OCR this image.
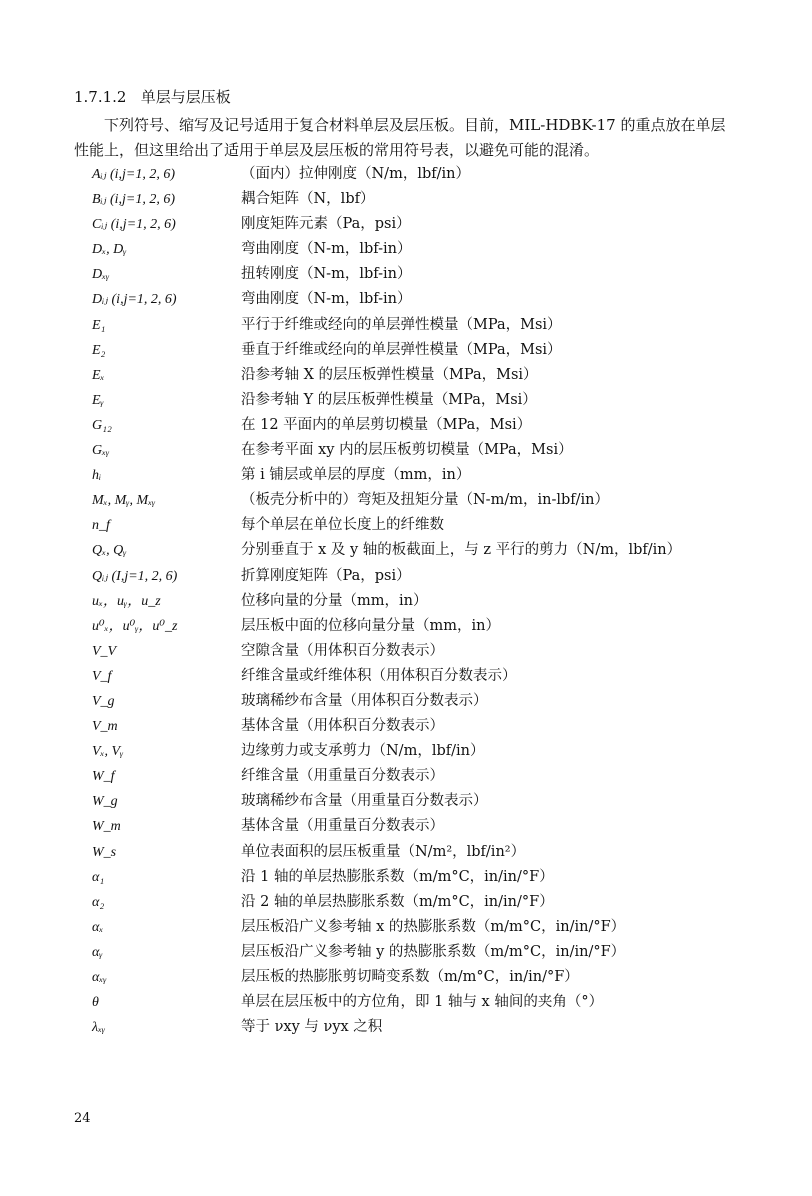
1.7.1.2 单层与层压板
下列符号、缩写及记号适用于复合材料单层及层压板。目前，MIL-HDBK-17 的重点放在单层性能上，但这里给出了适用于单层及层压板的常用符号表，以避免可能的混淆。
Aᵢⱼ (i,j=1, 2, 6)	（面内）拉伸刚度（N/m，lbf/in）
Bᵢⱼ (i,j=1, 2, 6)	耦合矩阵（N，lbf）
Cᵢⱼ (i,j=1, 2, 6)	刚度矩阵元素（Pa，psi）
Dₓ, Dᵧ	弯曲刚度（N-m，lbf-in）
Dₓᵧ	扭转刚度（N-m，lbf-in）
Dᵢⱼ (i,j=1, 2, 6)	弯曲刚度（N-m，lbf-in）
E₁	平行于纤维或经向的单层弹性模量（MPa，Msi）
E₂	垂直于纤维或经向的单层弹性模量（MPa，Msi）
Eₓ	沿参考轴 X 的层压板弹性模量（MPa，Msi）
Eᵧ	沿参考轴 Y 的层压板弹性模量（MPa，Msi）
G₁₂	在 12 平面内的单层剪切模量（MPa，Msi）
Gₓᵧ	在参考平面 xy 内的层压板剪切模量（MPa，Msi）
hᵢ	第 i 铺层或单层的厚度（mm，in）
Mₓ, Mᵧ, Mₓᵧ	（板壳分析中的）弯矩及扭矩分量（N-m/m，in-lbf/in）
n_f	每个单层在单位长度上的纤维数
Qₓ, Qᵧ	分别垂直于 x 及 y 轴的板截面上，与 z 平行的剪力（N/m，lbf/in）
Qᵢⱼ (I,j=1, 2, 6)	折算刚度矩阵（Pa，psi）
uₓ，uᵧ，u_z	位移向量的分量（mm，in）
u⁰ₓ，u⁰ᵧ，u⁰_z	层压板中面的位移向量分量（mm，in）
V_V	空隙含量（用体积百分数表示）
V_f	纤维含量或纤维体积（用体积百分数表示）
V_g	玻璃稀纱布含量（用体积百分数表示）
V_m	基体含量（用体积百分数表示）
Vₓ, Vᵧ	边缘剪力或支承剪力（N/m，lbf/in）
W_f	纤维含量（用重量百分数表示）
W_g	玻璃稀纱布含量（用重量百分数表示）
W_m	基体含量（用重量百分数表示）
W_s	单位表面积的层压板重量（N/m²，lbf/in²）
α₁	沿 1 轴的单层热膨胀系数（m/m°C，in/in/°F）
α₂	沿 2 轴的单层热膨胀系数（m/m°C，in/in/°F）
αₓ	层压板沿广义参考轴 x 的热膨胀系数（m/m°C，in/in/°F）
αᵧ	层压板沿广义参考轴 y 的热膨胀系数（m/m°C，in/in/°F）
αₓᵧ	层压板的热膨胀剪切畸变系数（m/m°C，in/in/°F）
θ	单层在层压板中的方位角，即 1 轴与 x 轴间的夹角（°）
λₓᵧ	等于 νxy 与 νyx 之积
24
